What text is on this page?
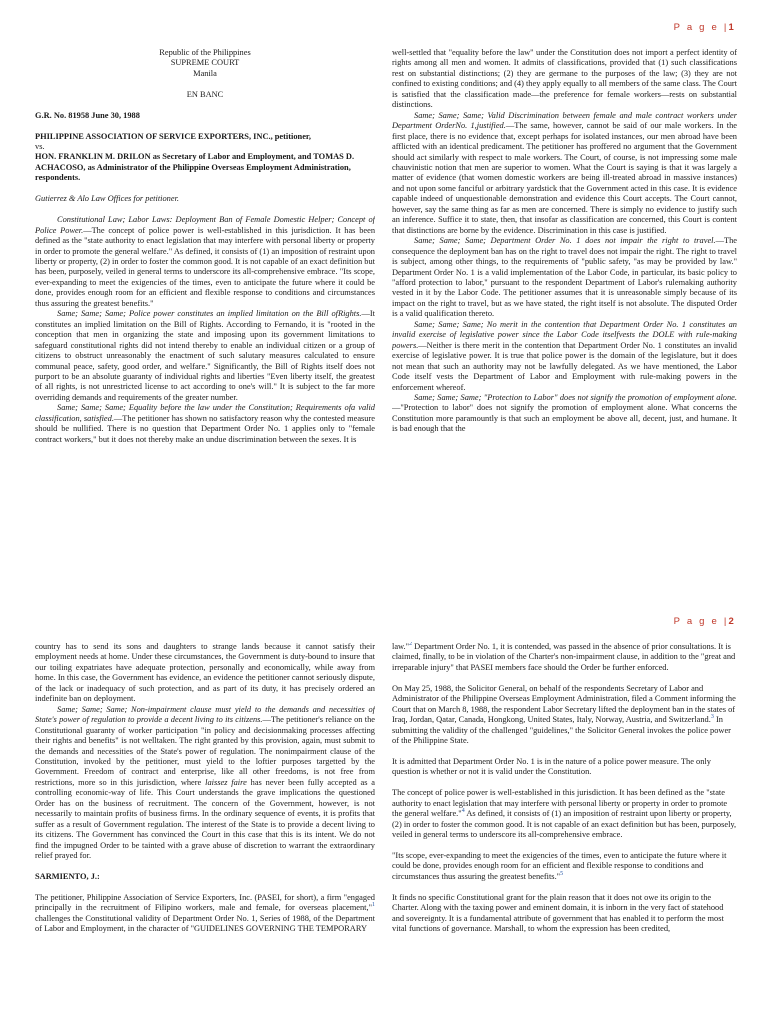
P a g e |1

Republic of the Philippines

SUPREME COURT

Manila

EN BANC

G.R. No. 81958 June 30, 1988

PHILIPPINE ASSOCIATION OF SERVICE EXPORTERS, INC., petitioner,

vs.

HON. FRANKLIN M. DRILON as Secretary of Labor and Employment, and TOMAS D. ACHACOSO, as Administrator of the Philippine Overseas Employment Administration, respondents.

Gutierrez & Alo Law Offices for petitioner.

Constitutional Law; Labor Laws: Deployment Ban of Female Domestic Helper; Concept of Police Power.—The concept of police power is well-established in this jurisdiction. It has been defined as the "state authority to enact legislation that may interfere with personal liberty or property in order to promote the general welfare." As defined, it consists of (1) an imposition of restraint upon liberty or property, (2) in order to foster the common good. It is not capable of an exact definition but has been, purposely, veiled in general terms to underscore its all-comprehensive embrace. "Its scope, ever-expanding to meet the exigencies of the times, even to anticipate the future where it could be done, provides enough room for an efficient and flexible response to conditions and circumstances thus assuring the greatest benefits."

Same; Same; Same; Police power constitutes an implied limitation on the Bill ofRights.—It constitutes an implied limitation on the Bill of Rights. According to Fernando, it is "rooted in the conception that men in organizing the state and imposing upon its government limitations to safeguard constitutional rights did not intend thereby to enable an individual citizen or a group of citizens to obstruct unreasonably the enactment of such salutary measures calculated to ensure communal peace, safety, good order, and welfare." Significantly, the Bill of Rights itself does not purport to be an absolute guaranty of individual rights and liberties "Even liberty itself, the greatest of all rights, is not unrestricted license to act according to one's will." It is subject to the far more overriding demands and requirements of the greater number.

Same; Same; Same; Equality before the law under the Constitution; Requirements ofa valid classification, satisfied.—The petitioner has shown no satisfactory reason why the contested measure should be nullified. There is no question that Department Order No. 1 applies only to "female contract workers," but it does not thereby make an undue discrimination between the sexes. It is

well-settled that "equality before the law" under the Constitution does not import a perfect identity of rights among all men and women. It admits of classifications, provided that (1) such classifications rest on substantial distinctions; (2) they are germane to the purposes of the law; (3) they are not confined to existing conditions; and (4) they apply equally to all members of the same class. The Court is satisfied that the classification made—the preference for female workers—rests on substantial distinctions.

Same; Same; Same; Valid Discrimination between female and male contract workers under Department OrderNo. 1,justified.—The same, however, cannot be said of our male workers. In the first place, there is no evidence that, except perhaps for isolated instances, our men abroad have been afflicted with an identical predicament. The petitioner has proffered no argument that the Government should act similarly with respect to male workers. The Court, of course, is not impressing some male chauvinistic notion that men are superior to women. What the Court is saying is that it was largely a matter of evidence (that women domestic workers are being ill-treated abroad in massive instances) and not upon some fanciful or arbitrary yardstick that the Government acted in this case. It is evidence capable indeed of unquestionable demonstration and evidence this Court accepts. The Court cannot, however, say the same thing as far as men are concerned. There is simply no evidence to justify such an inference. Suffice it to state, then, that insofar as classification are concerned, this Court is content that distinctions are borne by the evidence. Discrimination in this case is justified.

Same; Same; Same; Department Order No. 1 does not impair the right to travel.—The consequence the deployment ban has on the right to travel does not impair the right. The right to travel is subject, among other things, to the requirements of "public safety, "as may be provided by law." Department Order No. 1 is a valid implementation of the Labor Code, in particular, its basic policy to "afford protection to labor," pursuant to the respondent Department of Labor's rulemaking authority vested in it by the Labor Code. The petitioner assumes that it is unreasonable simply because of its impact on the right to travel, but as we have stated, the right itself is not absolute. The disputed Order is a valid qualification thereto.

Same; Same; Same; No merit in the contention that Department Order No. 1 constitutes an invalid exercise of legislative power since the Labor Code itselfvests the DOLE with rule-making powers.—Neither is there merit in the contention that Department Order No. 1 constitutes an invalid exercise of legislative power. It is true that police power is the domain of the legislature, but it does not mean that such an authority may not be lawfully delegated. As we have mentioned, the Labor Code itself vests the Department of Labor and Employment with rule-making powers in the enforcement whereof.

Same; Same; Same; "Protection to Labor" does not signify the promotion of employment alone.—"Protection to labor" does not signify the promotion of employment alone. What concerns the Constitution more paramountly is that such an employment be above all, decent, just, and humane. It is bad enough that the

P a g e |2

country has to send its sons and daughters to strange lands because it cannot satisfy their employment needs at home. Under these circumstances, the Government is duty-bound to insure that our toiling expatriates have adequate protection, personally and economically, while away from home. In this case, the Government has evidence, an evidence the petitioner cannot seriously dispute, of the lack or inadequacy of such protection, and as part of its duty, it has precisely ordered an indefinite ban on deployment.

Same; Same; Same; Non-impairment clause must yield to the demands and necessities of State's power of regulation to provide a decent living to its citizens.—The petitioner's reliance on the Constitutional guaranty of worker participation "in policy and decisionmaking processes affecting their rights and benefits" is not welltaken. The right granted by this provision, again, must submit to the demands and necessities of the State's power of regulation. The nonimpairment clause of the Constitution, invoked by the petitioner, must yield to the loftier purposes targetted by the Government. Freedom of contract and enterprise, like all other freedoms, is not free from restrictions, more so in this jurisdiction, where laissez faire has never been fully accepted as a controlling economic-way of life. This Court understands the grave implications the questioned Order has on the business of recruitment. The concern of the Government, however, is not necessarily to maintain profits of business firms. In the ordinary sequence of events, it is profits that suffer as a result of Government regulation. The interest of the State is to provide a decent living to its citizens. The Government has convinced the Court in this case that this is its intent. We do not find the impugned Order to be tainted with a grave abuse of discretion to warrant the extraordinary relief prayed for.

SARMIENTO, J.:

The petitioner, Philippine Association of Service Exporters, Inc. (PASEI, for short), a firm "engaged principally in the recruitment of Filipino workers, male and female, for overseas placement,"$^1$ challenges the Constitutional validity of Department Order No. 1, Series of 1988, of the Department of Labor and Employment, in the character of "GUIDELINES GOVERNING THE TEMPORARY

law."$^2$ Department Order No. 1, it is contended, was passed in the absence of prior consultations. It is claimed, finally, to be in violation of the Charter's non-impairment clause, in addition to the "great and irreparable injury" that PASEI members face should the Order be further enforced.

On May 25, 1988, the Solicitor General, on behalf of the respondents Secretary of Labor and Administrator of the Philippine Overseas Employment Administration, filed a Comment informing the Court that on March 8, 1988, the respondent Labor Secretary lifted the deployment ban in the states of Iraq, Jordan, Qatar, Canada, Hongkong, United States, Italy, Norway, Austria, and Switzerland.$^3$ In submitting the validity of the challenged "guidelines," the Solicitor General invokes the police power of the Philippine State.

It is admitted that Department Order No. 1 is in the nature of a police power measure. The only question is whether or not it is valid under the Constitution.

The concept of police power is well-established in this jurisdiction. It has been defined as the "state authority to enact legislation that may interfere with personal liberty or property in order to promote the general welfare."$^4$ As defined, it consists of (1) an imposition of restraint upon liberty or property, (2) in order to foster the common good. It is not capable of an exact definition but has been, purposely, veiled in general terms to underscore its all-comprehensive embrace.

"Its scope, ever-expanding to meet the exigencies of the times, even to anticipate the future where it could be done, provides enough room for an efficient and flexible response to conditions and circumstances thus assuring the greatest benefits."$^5$

It finds no specific Constitutional grant for the plain reason that it does not owe its origin to the Charter. Along with the taxing power and eminent domain, it is inborn in the very fact of statehood and sovereignty. It is a fundamental attribute of government that has enabled it to perform the most vital functions of governance. Marshall, to whom the expression has been credited,
